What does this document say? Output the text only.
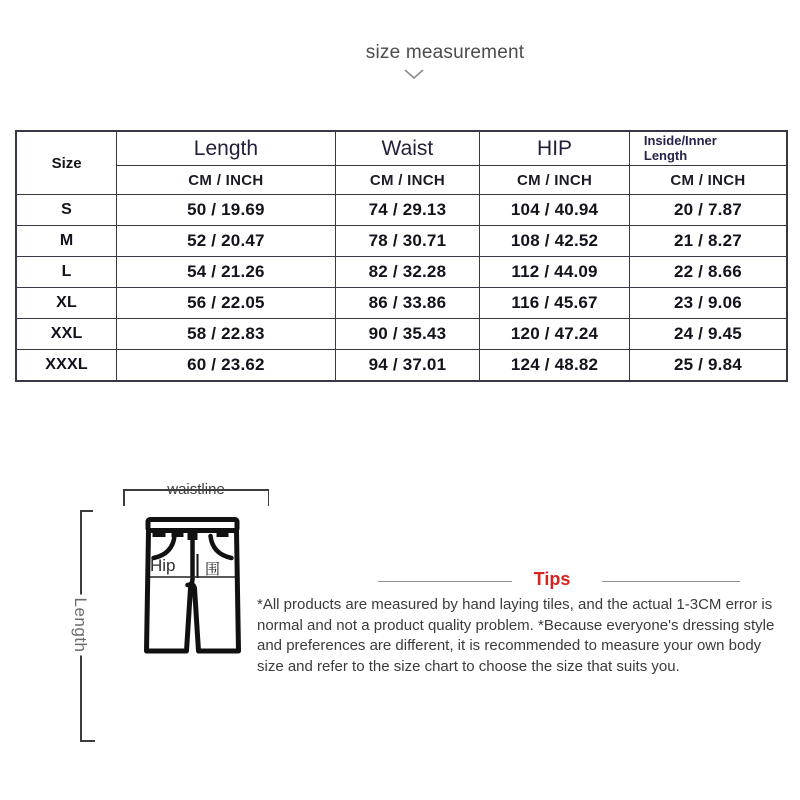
size measurement
Size	Length	Waist	HIP	Inside/Inner Length
	CM / INCH	CM / INCH	CM / INCH	CM / INCH
S	50 / 19.69	74 / 29.13	104 / 40.94	20 / 7.87
M	52 / 20.47	78 / 30.71	108 / 42.52	21 / 8.27
L	54 / 21.26	82 / 32.28	112 / 44.09	22 / 8.66
XL	56 / 22.05	86 / 33.86	116 / 45.67	23 / 9.06
XXL	58 / 22.83	90 / 35.43	120 / 47.24	24 / 9.45
XXXL	60 / 23.62	94 / 37.01	124 / 48.82	25 / 9.84
waistline
Length
Hip 围	Tips

*All products are measured by hand laying tiles, and the actual 1-3CM error is normal and not a product quality problem. *Because everyone's dressing style and preferences are different, it is recommended to measure your own body size and refer to the size chart to choose the size that suits you.
